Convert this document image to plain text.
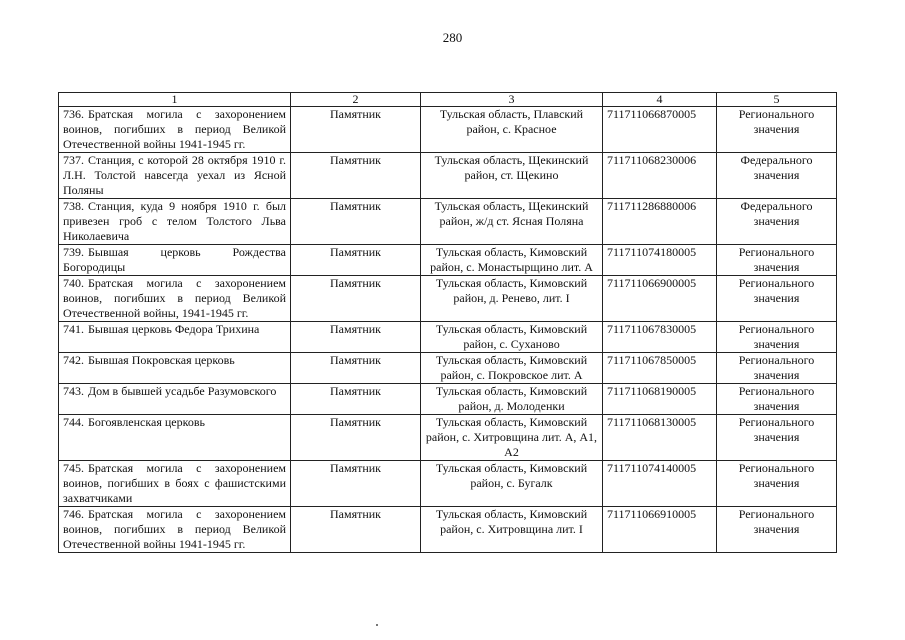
280
1	2	3	4	5
736. Братская могила с захоронением воинов, погибших в период Великой Отечественной войны 1941-1945 гг.	Памятник	Тульская область, Плавский район, с. Красное	711711066870005	Регионального значения
737. Станция, с которой 28 октября 1910 г. Л.Н. Толстой навсегда уехал из Ясной Поляны	Памятник	Тульская область, Щекинский район, ст. Щекино	711711068230006	Федерального значения
738. Станция, куда 9 ноября 1910 г. был привезен гроб с телом Толстого Льва Николаевича	Памятник	Тульская область, Щекинский район, ж/д ст. Ясная Поляна	711711286880006	Федерального значения
739. Бывшая церковь Рождества Богородицы	Памятник	Тульская область, Кимовский район, с. Монастырщино лит. А	711711074180005	Регионального значения
740. Братская могила с захоронением воинов, погибших в период Великой Отечественной войны, 1941-1945 гг.	Памятник	Тульская область, Кимовский район, д. Ренево, лит. I	711711066900005	Регионального значения
741. Бывшая церковь Федора Трихина	Памятник	Тульская область, Кимовский район, с. Суханово	711711067830005	Регионального значения
742. Бывшая Покровская церковь	Памятник	Тульская область, Кимовский район, с. Покровское лит. А	711711067850005	Регионального значения
743. Дом в бывшей усадьбе Разумовского	Памятник	Тульская область, Кимовский район, д. Молоденки	711711068190005	Регионального значения
744. Богоявленская церковь	Памятник	Тульская область, Кимовский район, с. Хитровщина лит. А, А1, А2	711711068130005	Регионального значения
745. Братская могила с захоронением воинов, погибших в боях с фашистскими захватчиками	Памятник	Тульская область, Кимовский район, с. Бугалк	711711074140005	Регионального значения
746. Братская могила с захоронением воинов, погибших в период Великой Отечественной войны 1941-1945 гг.	Памятник	Тульская область, Кимовский район, с. Хитровщина лит. I	711711066910005	Регионального значения
